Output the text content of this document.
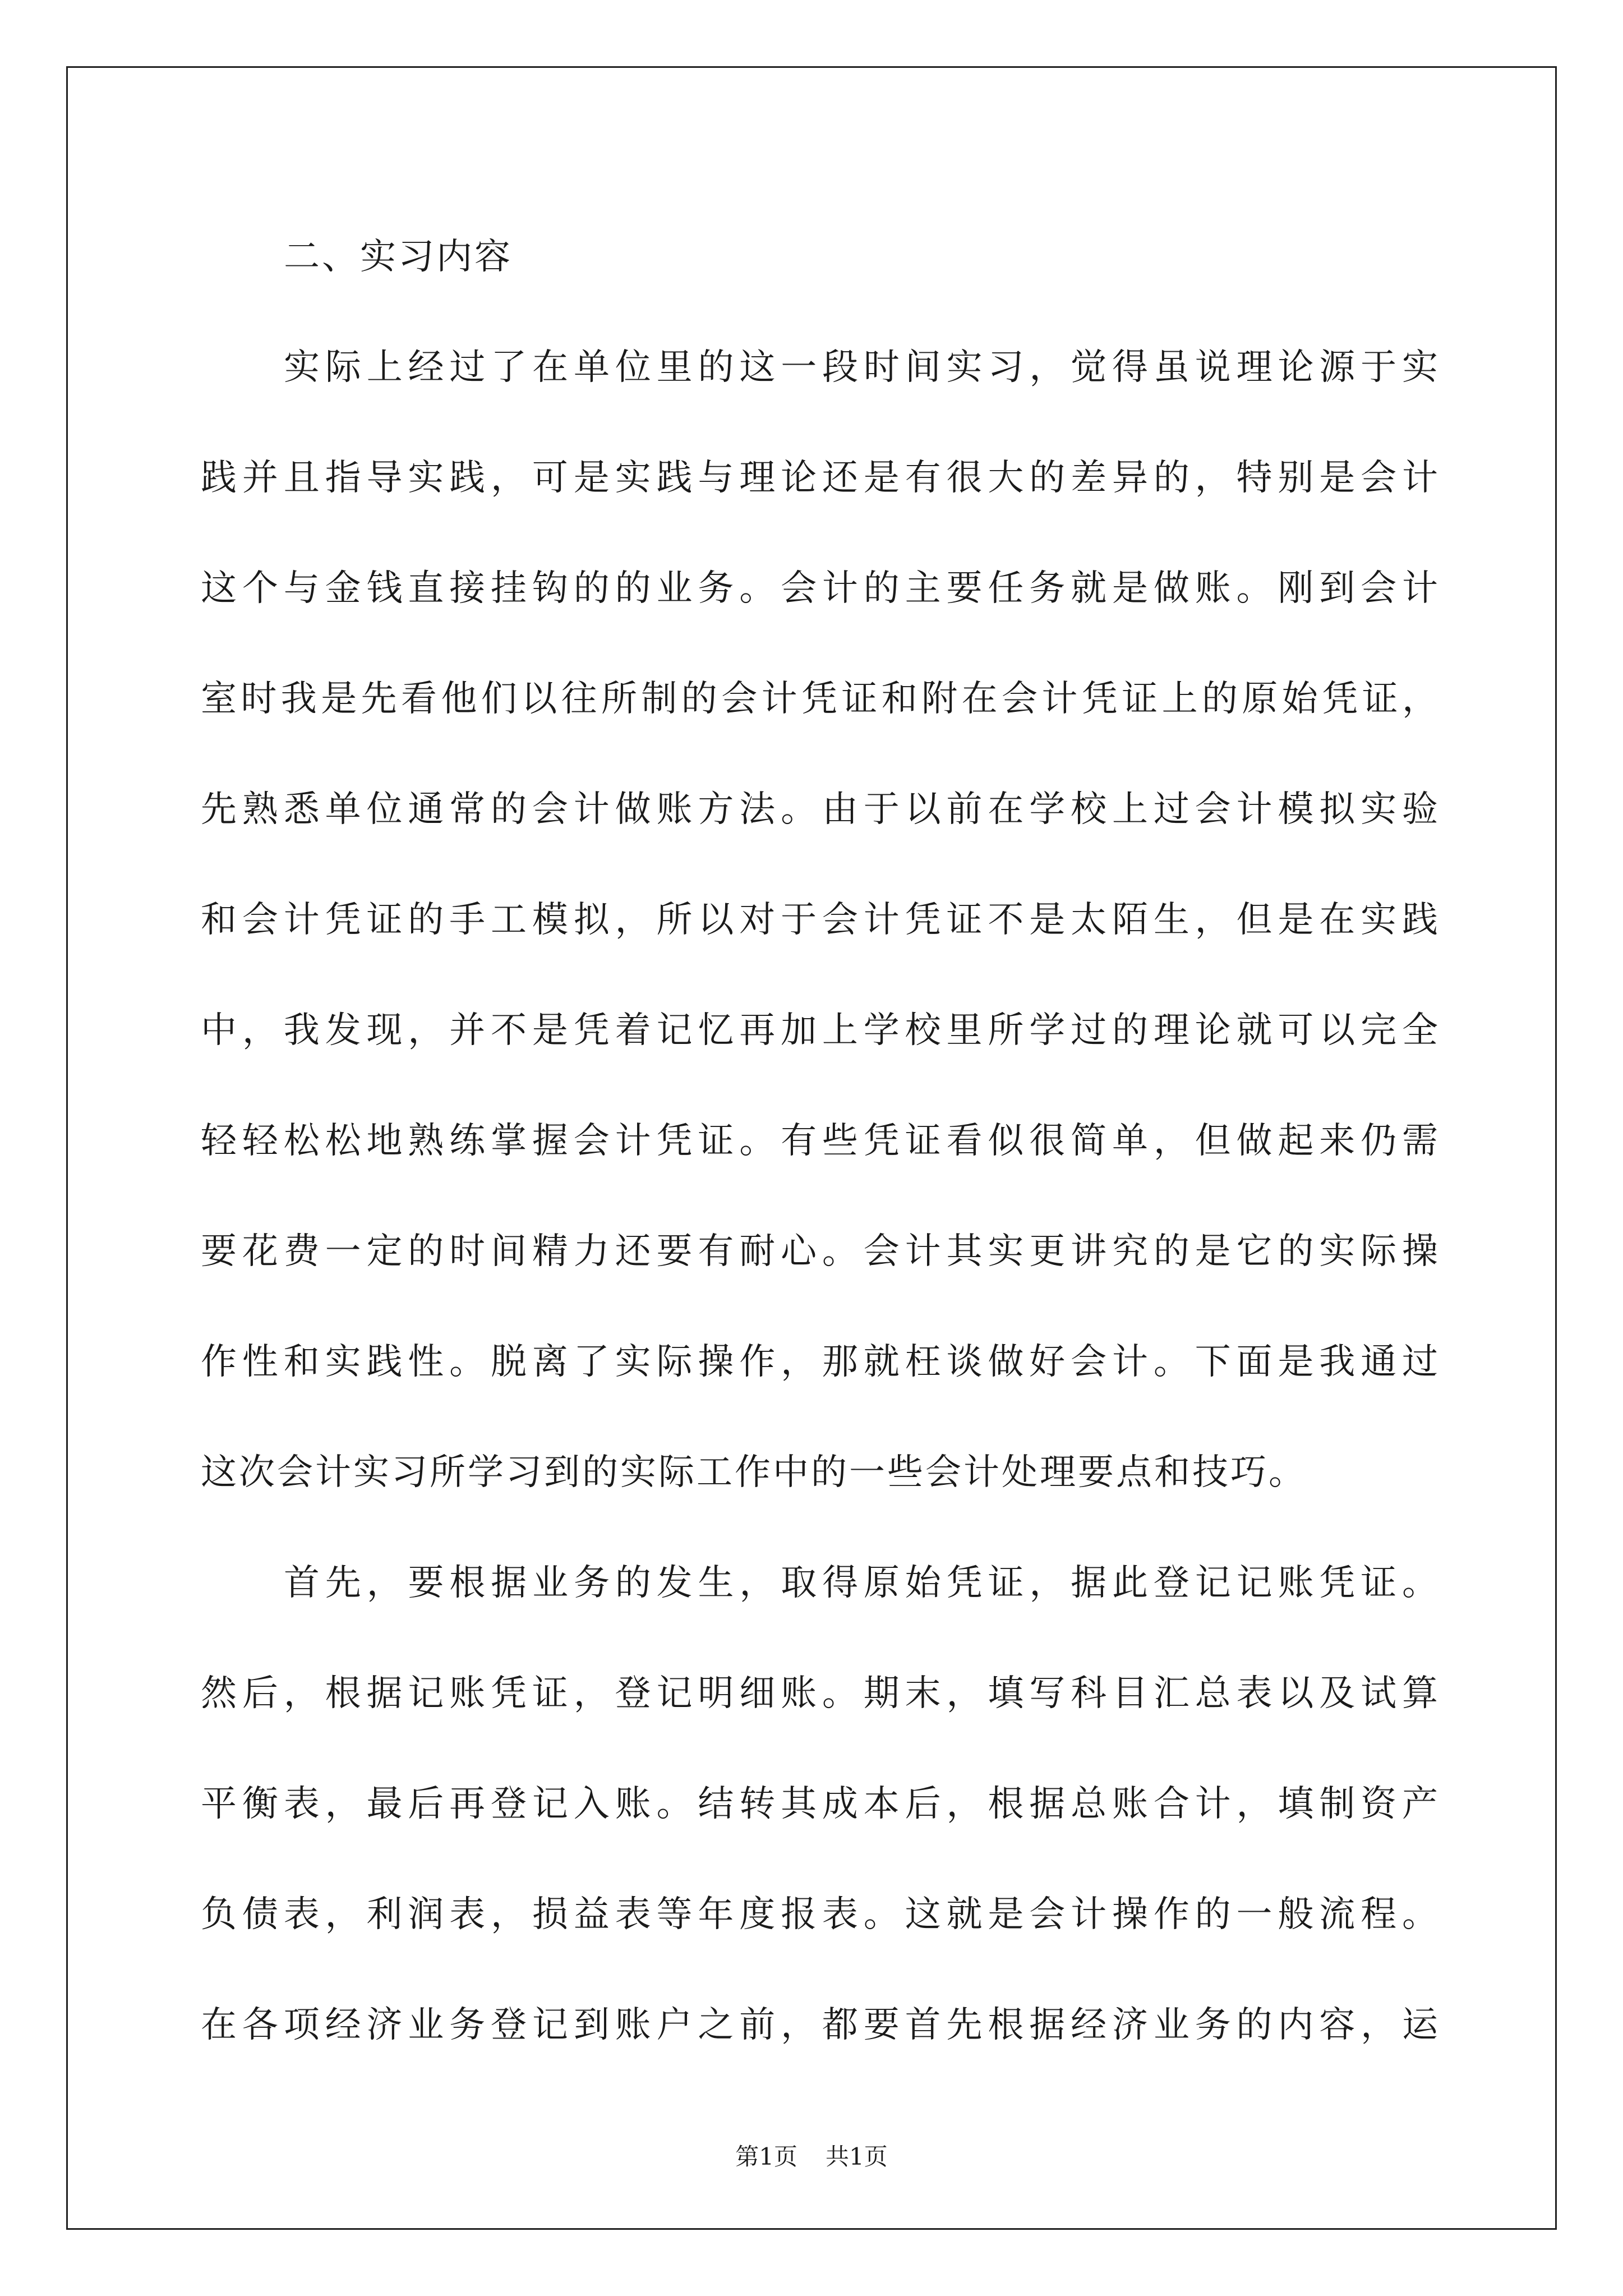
二、实习内容
实际上经过了在单位里的这一段时间实习，觉得虽说理论源于实
践并且指导实践，可是实践与理论还是有很大的差异的，特别是会计
这个与金钱直接挂钩的的业务。会计的主要任务就是做账。刚到会计
室时我是先看他们以往所制的会计凭证和附在会计凭证上的原始凭证，
先熟悉单位通常的会计做账方法。由于以前在学校上过会计模拟实验
和会计凭证的手工模拟，所以对于会计凭证不是太陌生，但是在实践
中，我发现，并不是凭着记忆再加上学校里所学过的理论就可以完全
轻轻松松地熟练掌握会计凭证。有些凭证看似很简单，但做起来仍需
要花费一定的时间精力还要有耐心。会计其实更讲究的是它的实际操
作性和实践性。脱离了实际操作，那就枉谈做好会计。下面是我通过
这次会计实习所学习到的实际工作中的一些会计处理要点和技巧。
首先，要根据业务的发生，取得原始凭证，据此登记记账凭证。
然后，根据记账凭证，登记明细账。期末，填写科目汇总表以及试算
平衡表，最后再登记入账。结转其成本后，根据总账合计，填制资产
负债表，利润表，损益表等年度报表。这就是会计操作的一般流程。
在各项经济业务登记到账户之前，都要首先根据经济业务的内容，运
第1页 共1页
